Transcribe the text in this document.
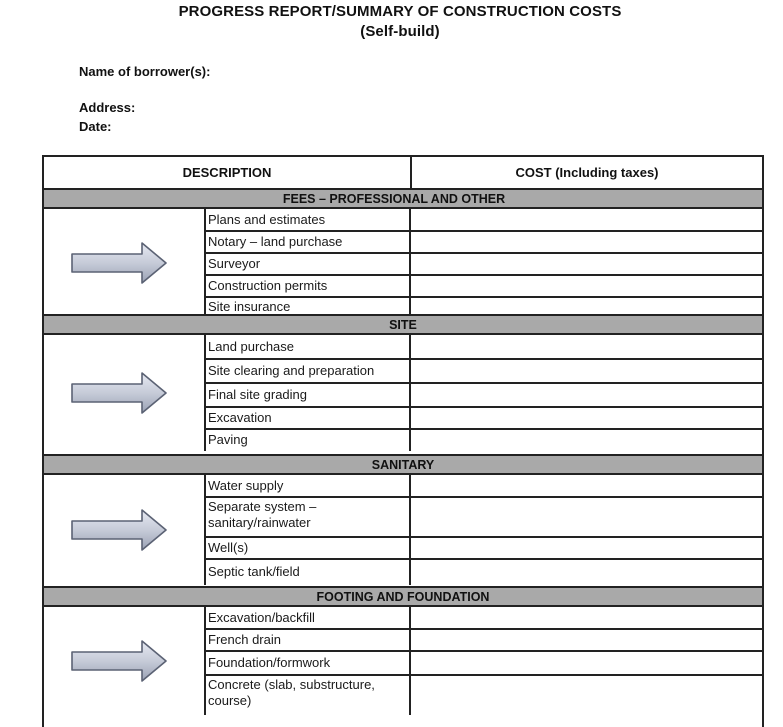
PROGRESS REPORT/SUMMARY OF CONSTRUCTION COSTS
(Self-build)
Name of borrower(s):
Address:
Date:
DESCRIPTION	COST (Including taxes)
FEES – PROFESSIONAL AND OTHER
Plans and estimates
Notary – land purchase
Surveyor
Construction permits
Site insurance
SITE
Land purchase
Site clearing and preparation
Final site grading
Excavation
Paving
SANITARY
Water supply
Separate system –
sanitary/rainwater
Well(s)
Septic tank/field
FOOTING AND FOUNDATION
Excavation/backfill
French drain
Foundation/formwork
Concrete (slab, substructure,
course)
